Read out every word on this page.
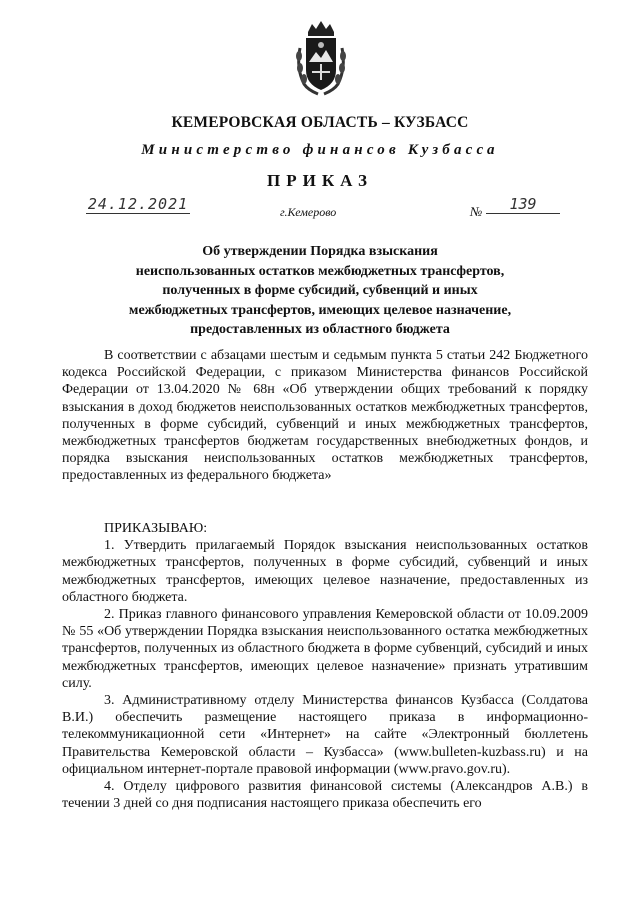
КЕМЕРОВСКАЯ ОБЛАСТЬ – КУЗБАСС
Министерство финансов Кузбасса
ПРИКАЗ
24.12.2021	г.Кемерово	№	139
Об утверждении Порядка взыскания
неиспользованных остатков межбюджетных трансфертов,
полученных в форме субсидий, субвенций и иных
межбюджетных трансфертов, имеющих целевое назначение,
предоставленных из областного бюджета

В соответствии с абзацами шестым и седьмым пункта 5 статьи 242 Бюджетного кодекса Российской Федерации, с приказом Министерства финансов Российской Федерации от 13.04.2020 № 68н «Об утверждении общих требований к порядку взыскания в доход бюджетов неиспользованных остатков межбюджетных трансфертов, полученных в форме субсидий, субвенций и иных межбюджетных трансфертов, межбюджетных трансфертов бюджетам государственных внебюджетных фондов, и порядка взыскания неиспользованных остатков межбюджетных трансфертов, предоставленных из федерального бюджета»

ПРИКАЗЫВАЮ:

1. Утвердить прилагаемый Порядок взыскания неиспользованных остатков межбюджетных трансфертов, полученных в форме субсидий, субвенций и иных межбюджетных трансфертов, имеющих целевое назначение, предоставленных из областного бюджета.

2. Приказ главного финансового управления Кемеровской области от 10.09.2009 № 55 «Об утверждении Порядка взыскания неиспользованного остатка межбюджетных трансфертов, полученных из областного бюджета в форме субвенций, субсидий и иных межбюджетных трансфертов, имеющих целевое назначение» признать утратившим силу.

3. Административному отделу Министерства финансов Кузбасса (Солдатова В.И.) обеспечить размещение настоящего приказа в информационно-телекоммуникационной сети «Интернет» на сайте «Электронный бюллетень Правительства Кемеровской области – Кузбасса» (www.bulleten-kuzbass.ru) и на официальном интернет-портале правовой информации (www.pravo.gov.ru).

4. Отделу цифрового развития финансовой системы (Александров А.В.) в течении 3 дней со дня подписания настоящего приказа обеспечить его
